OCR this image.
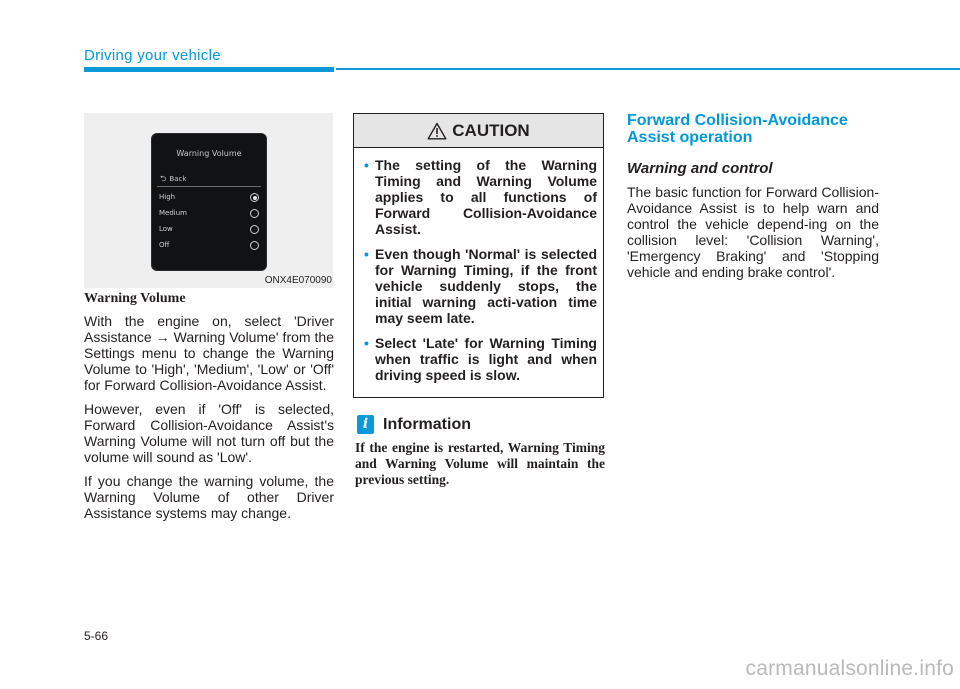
Driving your vehicle
Warning Volume
⮌ Back
High
Medium
Low
Off
ONX4E070090
Warning Volume

With the engine on, select 'Driver Assistance → Warning Volume' from the Settings menu to change the Warning Volume to 'High', 'Medium', 'Low' or 'Off' for Forward Collision-Avoidance Assist.

However, even if 'Off' is selected, Forward Collision-Avoidance Assist's Warning Volume will not turn off but the volume will sound as 'Low'.

If you change the warning volume, the Warning Volume of other Driver Assistance systems may change.

CAUTION
• The setting of the Warning Timing and Warning Volume applies to all functions of Forward Collision-Avoidance Assist.
• Even though 'Normal' is selected for Warning Timing, if the front vehicle suddenly stops, the initial warning acti-vation time may seem late.
• Select 'Late' for Warning Timing when traffic is light and when driving speed is slow.
i Information

If the engine is restarted, Warning Timing and Warning Volume will maintain the previous setting.

Forward Collision-Avoidance Assist operation
Warning and control

The basic function for Forward Collision-Avoidance Assist is to help warn and control the vehicle depend-ing on the collision level: 'Collision Warning', 'Emergency Braking' and 'Stopping vehicle and ending brake control'.

5-66
carmanualsonline.info
